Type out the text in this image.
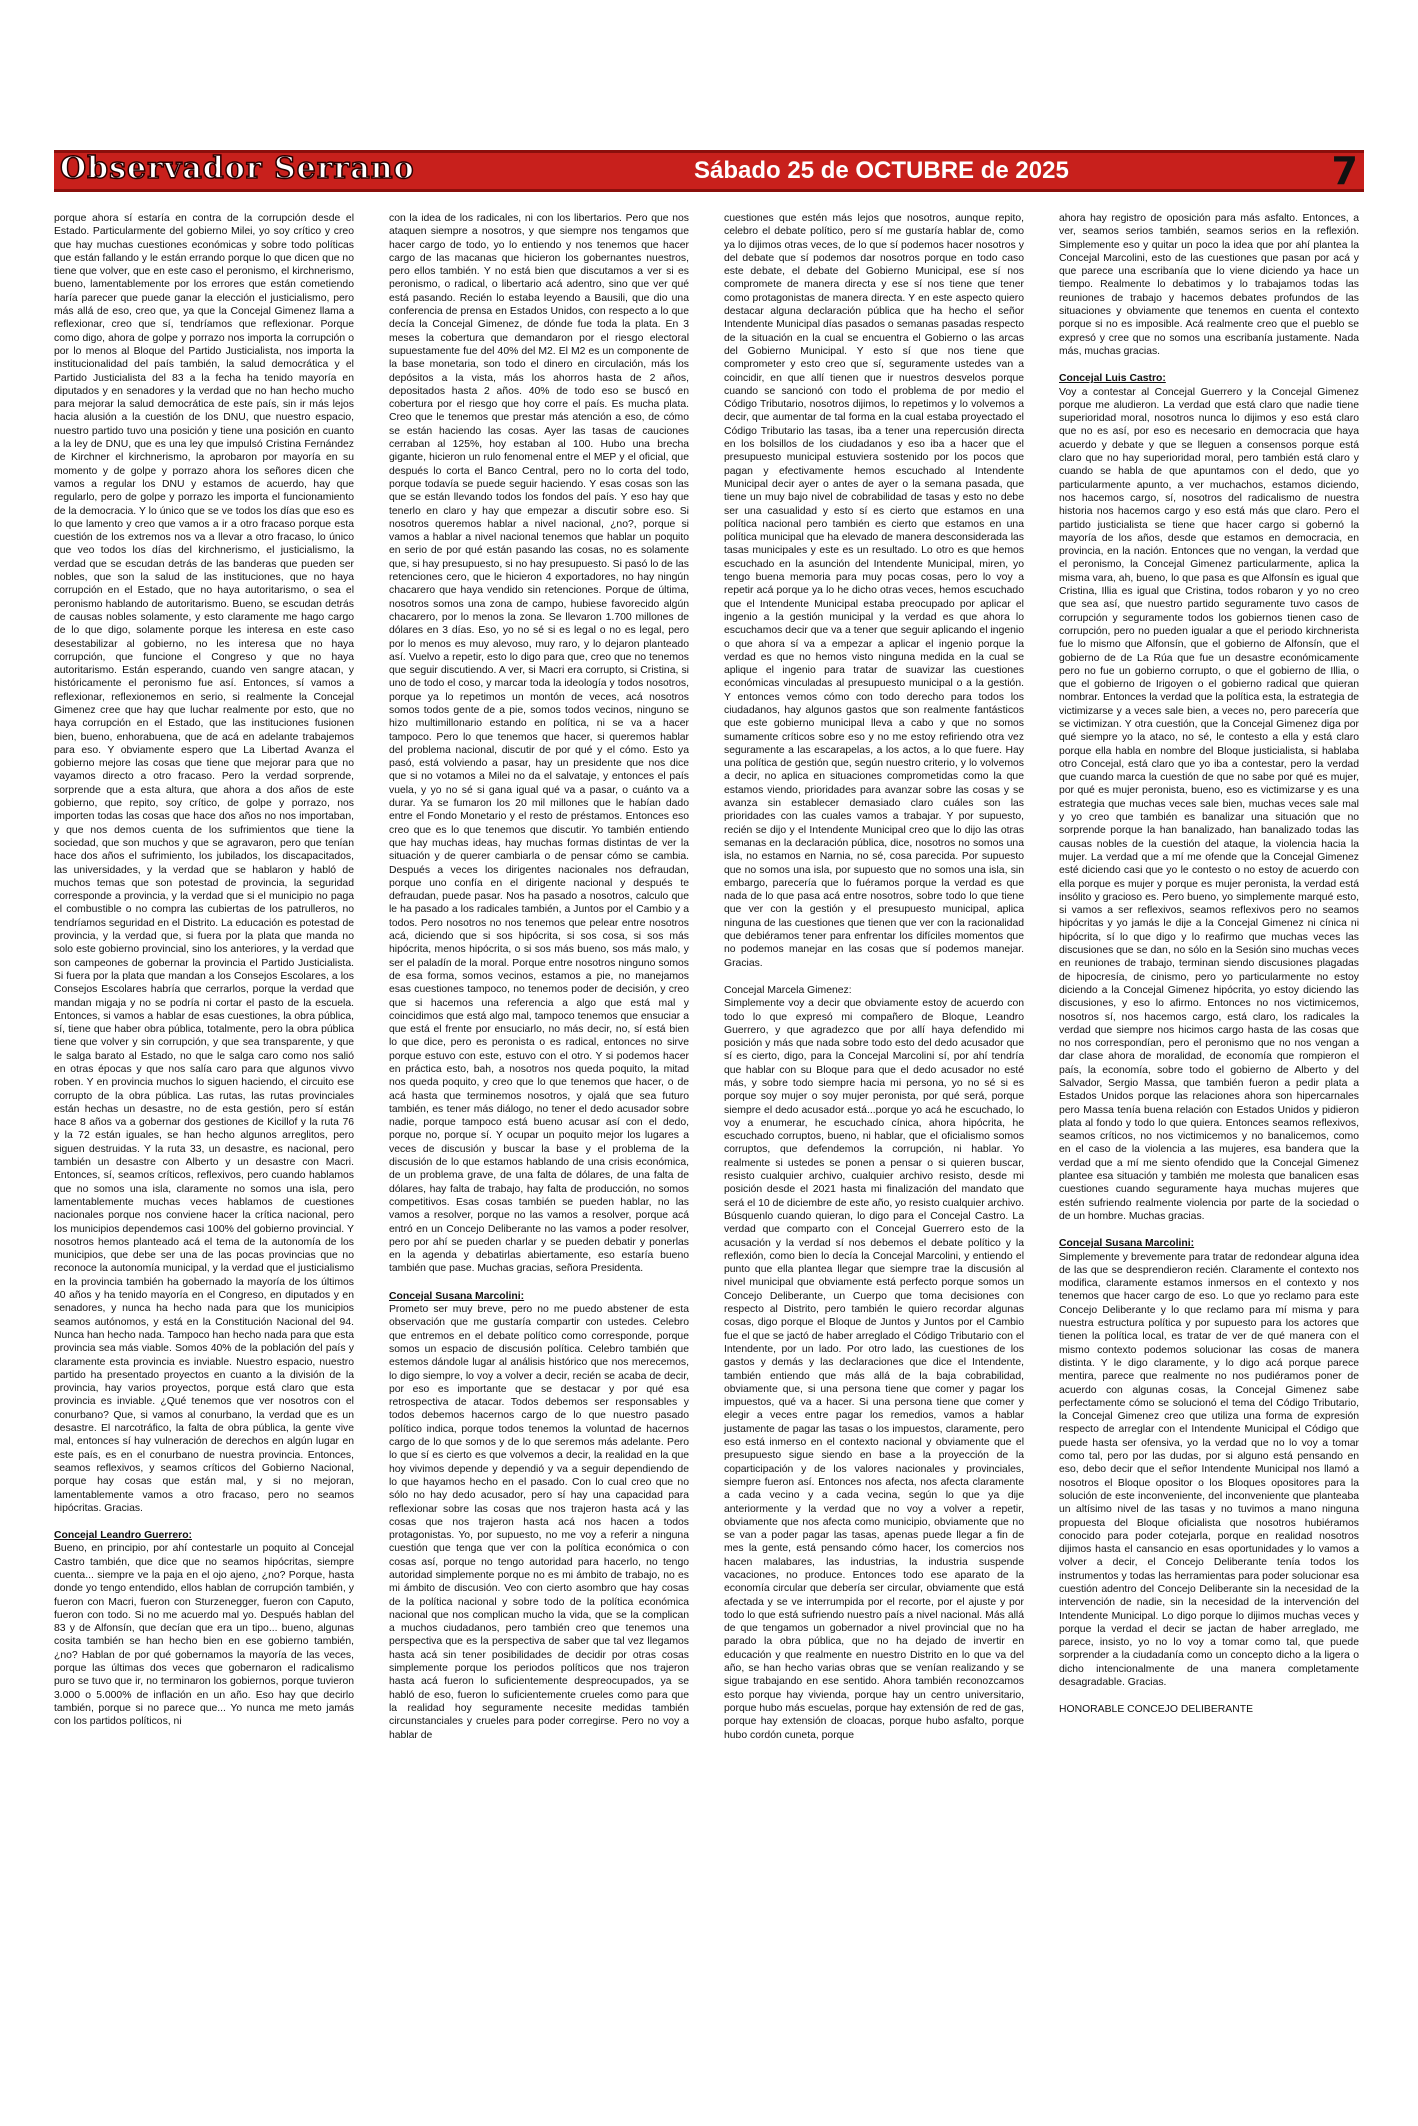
Observador Serrano	Sábado 25 de OCTUBRE de 2025	7

porque ahora sí estaría en contra de la corrupción desde el Estado. Particularmente del gobierno Milei, yo soy crítico y creo que hay muchas cuestiones económicas y sobre todo políticas que están fallando y le están errando porque lo que dicen que no tiene que volver, que en este caso el peronismo, el kirchnerismo, bueno, lamentablemente por los errores que están cometiendo haría parecer que puede ganar la elección el justicialismo, pero más allá de eso, creo que, ya que la Concejal Gimenez llama a reflexionar, creo que sí, tendríamos que reflexionar. Porque como digo, ahora de golpe y porrazo nos importa la corrupción o por lo menos al Bloque del Partido Justicialista, nos importa la institucionalidad del país también, la salud democrática y el Partido Justicialista del 83 a la fecha ha tenido mayoría en diputados y en senadores y la verdad que no han hecho mucho para mejorar la salud democrática de este país, sin ir más lejos hacia alusión a la cuestión de los DNU, que nuestro espacio, nuestro partido tuvo una posición y tiene una posición en cuanto a la ley de DNU, que es una ley que impulsó Cristina Fernández de Kirchner el kirchnerismo, la aprobaron por mayoría en su momento y de golpe y porrazo ahora los señores dicen che vamos a regular los DNU y estamos de acuerdo, hay que regularlo, pero de golpe y porrazo les importa el funcionamiento de la democracia. Y lo único que se ve todos los días que eso es lo que lamento y creo que vamos a ir a otro fracaso porque esta cuestión de los extremos nos va a llevar a otro fracaso, lo único que veo todos los días del kirchnerismo, el justicialismo, la verdad que se escudan detrás de las banderas que pueden ser nobles, que son la salud de las instituciones, que no haya corrupción en el Estado, que no haya autoritarismo, o sea el peronismo hablando de autoritarismo. Bueno, se escudan detrás de causas nobles solamente, y esto claramente me hago cargo de lo que digo, solamente porque les interesa en este caso desestabilizar al gobierno, no les interesa que no haya corrupción, que funcione el Congreso y que no haya autoritarismo. Están esperando, cuando ven sangre atacan, y históricamente el peronismo fue así. Entonces, sí vamos a reflexionar, reflexionemos en serio, si realmente la Concejal Gimenez cree que hay que luchar realmente por esto, que no haya corrupción en el Estado, que las instituciones fusionen bien, bueno, enhorabuena, que de acá en adelante trabajemos para eso. Y obviamente espero que La Libertad Avanza el gobierno mejore las cosas que tiene que mejorar para que no vayamos directo a otro fracaso. Pero la verdad sorprende, sorprende que a esta altura, que ahora a dos años de este gobierno, que repito, soy crítico, de golpe y porrazo, nos importen todas las cosas que hace dos años no nos importaban, y que nos demos cuenta de los sufrimientos que tiene la sociedad, que son muchos y que se agravaron, pero que tenían hace dos años el sufrimiento, los jubilados, los discapacitados, las universidades, y la verdad que se hablaron y habló de muchos temas que son potestad de provincia, la seguridad corresponde a provincia, y la verdad que si el municipio no paga el combustible o no compra las cubiertas de los patrulleros, no tendríamos seguridad en el Distrito. La educación es potestad de provincia, y la verdad que, si fuera por la plata que manda no solo este gobierno provincial, sino los anteriores, y la verdad que son campeones de gobernar la provincia el Partido Justicialista. Si fuera por la plata que mandan a los Consejos Escolares, a los Consejos Escolares habría que cerrarlos, porque la verdad que mandan migaja y no se podría ni cortar el pasto de la escuela. Entonces, si vamos a hablar de esas cuestiones, la obra pública, sí, tiene que haber obra pública, totalmente, pero la obra pública tiene que volver y sin corrupción, y que sea transparente, y que le salga barato al Estado, no que le salga caro como nos salió en otras épocas y que nos salía caro para que algunos vivvo roben. Y en provincia muchos lo siguen haciendo, el circuito ese corrupto de la obra pública. Las rutas, las rutas provinciales están hechas un desastre, no de esta gestión, pero sí están hace 8 años va a gobernar dos gestiones de Kicillof y la ruta 76 y la 72 están iguales, se han hecho algunos arreglitos, pero siguen destruidas. Y la ruta 33, un desastre, es nacional, pero también un desastre con Alberto y un desastre con Macri. Entonces, sí, seamos críticos, reflexivos, pero cuando hablamos que no somos una isla, claramente no somos una isla, pero lamentablemente muchas veces hablamos de cuestiones nacionales porque nos conviene hacer la crítica nacional, pero los municipios dependemos casi 100% del gobierno provincial. Y nosotros hemos planteado acá el tema de la autonomía de los municipios, que debe ser una de las pocas provincias que no reconoce la autonomía municipal, y la verdad que el justicialismo en la provincia también ha gobernado la mayoría de los últimos 40 años y ha tenido mayoría en el Congreso, en diputados y en senadores, y nunca ha hecho nada para que los municipios seamos autónomos, y está en la Constitución Nacional del 94. Nunca han hecho nada. Tampoco han hecho nada para que esta provincia sea más viable. Somos 40% de la población del país y claramente esta provincia es inviable. Nuestro espacio, nuestro partido ha presentado proyectos en cuanto a la división de la provincia, hay varios proyectos, porque está claro que esta provincia es inviable. ¿Qué tenemos que ver nosotros con el conurbano? Que, si vamos al conurbano, la verdad que es un desastre. El narcotráfico, la falta de obra pública, la gente vive mal, entonces sí hay vulneración de derechos en algún lugar en este país, es en el conurbano de nuestra provincia. Entonces, seamos reflexivos, y seamos críticos del Gobierno Nacional, porque hay cosas que están mal, y si no mejoran, lamentablemente vamos a otro fracaso, pero no seamos hipócritas. Gracias.

Concejal Leandro Guerrero:

Bueno, en principio, por ahí contestarle un poquito al Concejal Castro también, que dice que no seamos hipócritas, siempre cuenta... siempre ve la paja en el ojo ajeno, ¿no? Porque, hasta donde yo tengo entendido, ellos hablan de corrupción también, y fueron con Macri, fueron con Sturzenegger, fueron con Caputo, fueron con todo. Si no me acuerdo mal yo. Después hablan del 83 y de Alfonsín, que decían que era un tipo... bueno, algunas cosita también se han hecho bien en ese gobierno también, ¿no? Hablan de por qué gobernamos la mayoría de las veces, porque las últimas dos veces que gobernaron el radicalismo puro se tuvo que ir, no terminaron los gobiernos, porque tuvieron 3.000 o 5.000% de inflación en un año. Eso hay que decirlo también, porque si no parece que... Yo nunca me meto jamás con los partidos políticos, ni

con la idea de los radicales, ni con los libertarios. Pero que nos ataquen siempre a nosotros, y que siempre nos tengamos que hacer cargo de todo, yo lo entiendo y nos tenemos que hacer cargo de las macanas que hicieron los gobernantes nuestros, pero ellos también. Y no está bien que discutamos a ver si es peronismo, o radical, o libertario acá adentro, sino que ver qué está pasando. Recién lo estaba leyendo a Bausili, que dio una conferencia de prensa en Estados Unidos, con respecto a lo que decía la Concejal Gimenez, de dónde fue toda la plata. En 3 meses la cobertura que demandaron por el riesgo electoral supuestamente fue del 40% del M2. El M2 es un componente de la base monetaria, son todo el dinero en circulación, más los depósitos a la vista, más los ahorros hasta de 2 años, depositados hasta 2 años. 40% de todo eso se buscó en cobertura por el riesgo que hoy corre el país. Es mucha plata. Creo que le tenemos que prestar más atención a eso, de cómo se están haciendo las cosas. Ayer las tasas de cauciones cerraban al 125%, hoy estaban al 100. Hubo una brecha gigante, hicieron un rulo fenomenal entre el MEP y el oficial, que después lo corta el Banco Central, pero no lo corta del todo, porque todavía se puede seguir haciendo. Y esas cosas son las que se están llevando todos los fondos del país. Y eso hay que tenerlo en claro y hay que empezar a discutir sobre eso. Si nosotros queremos hablar a nivel nacional, ¿no?, porque si vamos a hablar a nivel nacional tenemos que hablar un poquito en serio de por qué están pasando las cosas, no es solamente que, si hay presupuesto, si no hay presupuesto. Si pasó lo de las retenciones cero, que le hicieron 4 exportadores, no hay ningún chacarero que haya vendido sin retenciones. Porque de última, nosotros somos una zona de campo, hubiese favorecido algún chacarero, por lo menos la zona. Se llevaron 1.700 millones de dólares en 3 días. Eso, yo no sé si es legal o no es legal, pero por lo menos es muy alevoso, muy raro, y lo dejaron planteado así. Vuelvo a repetir, esto lo digo para que, creo que no tenemos que seguir discutiendo. A ver, si Macri era corrupto, si Cristina, si uno de todo el coso, y marcar toda la ideología y todos nosotros, porque ya lo repetimos un montón de veces, acá nosotros somos todos gente de a pie, somos todos vecinos, ninguno se hizo multimillonario estando en política, ni se va a hacer tampoco. Pero lo que tenemos que hacer, si queremos hablar del problema nacional, discutir de por qué y el cómo. Esto ya pasó, está volviendo a pasar, hay un presidente que nos dice que si no votamos a Milei no da el salvataje, y entonces el país vuela, y yo no sé si gana igual qué va a pasar, o cuánto va a durar. Ya se fumaron los 20 mil millones que le habían dado entre el Fondo Monetario y el resto de préstamos. Entonces eso creo que es lo que tenemos que discutir. Yo también entiendo que hay muchas ideas, hay muchas formas distintas de ver la situación y de querer cambiarla o de pensar cómo se cambia. Después a veces los dirigentes nacionales nos defraudan, porque uno confía en el dirigente nacional y después te defraudan, puede pasar. Nos ha pasado a nosotros, calculo que le ha pasado a los radicales también, a Juntos por el Cambio y a todos. Pero nosotros no nos tenemos que pelear entre nosotros acá, diciendo que si sos hipócrita, si sos cosa, si sos más hipócrita, menos hipócrita, o si sos más bueno, sos más malo, y ser el paladín de la moral. Porque entre nosotros ninguno somos de esa forma, somos vecinos, estamos a pie, no manejamos esas cuestiones tampoco, no tenemos poder de decisión, y creo que si hacemos una referencia a algo que está mal y coincidimos que está algo mal, tampoco tenemos que ensuciar a que está el frente por ensuciarlo, no más decir, no, sí está bien lo que dice, pero es peronista o es radical, entonces no sirve porque estuvo con este, estuvo con el otro. Y si podemos hacer en práctica esto, bah, a nosotros nos queda poquito, la mitad nos queda poquito, y creo que lo que tenemos que hacer, o de acá hasta que terminemos nosotros, y ojalá que sea futuro también, es tener más diálogo, no tener el dedo acusador sobre nadie, porque tampoco está bueno acusar así con el dedo, porque no, porque sí. Y ocupar un poquito mejor los lugares a veces de discusión y buscar la base y el problema de la discusión de lo que estamos hablando de una crisis económica, de un problema grave, de una falta de dólares, de una falta de dólares, hay falta de trabajo, hay falta de producción, no somos competitivos. Esas cosas también se pueden hablar, no las vamos a resolver, porque no las vamos a resolver, porque acá entró en un Concejo Deliberante no las vamos a poder resolver, pero por ahí se pueden charlar y se pueden debatir y ponerlas en la agenda y debatirlas abiertamente, eso estaría bueno también que pase. Muchas gracias, señora Presidenta.

Concejal Susana Marcolini:

Prometo ser muy breve, pero no me puedo abstener de esta observación que me gustaría compartir con ustedes. Celebro que entremos en el debate político como corresponde, porque somos un espacio de discusión política. Celebro también que estemos dándole lugar al análisis histórico que nos merecemos, lo digo siempre, lo voy a volver a decir, recién se acaba de decir, por eso es importante que se destacar y por qué esa retrospectiva de atacar. Todos debemos ser responsables y todos debemos hacernos cargo de lo que nuestro pasado político indica, porque todos tenemos la voluntad de hacernos cargo de lo que somos y de lo que seremos más adelante. Pero lo que sí es cierto es que volvemos a decir, la realidad en la que hoy vivimos depende y dependió y va a seguir dependiendo de lo que hayamos hecho en el pasado. Con lo cual creo que no sólo no hay dedo acusador, pero sí hay una capacidad para reflexionar sobre las cosas que nos trajeron hasta acá y las cosas que nos trajeron hasta acá nos hacen a todos protagonistas. Yo, por supuesto, no me voy a referir a ninguna cuestión que tenga que ver con la política económica o con cosas así, porque no tengo autoridad para hacerlo, no tengo autoridad simplemente porque no es mi ámbito de trabajo, no es mi ámbito de discusión. Veo con cierto asombro que hay cosas de la política nacional y sobre todo de la política económica nacional que nos complican mucho la vida, que se la complican a muchos ciudadanos, pero también creo que tenemos una perspectiva que es la perspectiva de saber que tal vez llegamos hasta acá sin tener posibilidades de decidir por otras cosas simplemente porque los periodos políticos que nos trajeron hasta acá fueron lo suficientemente despreocupados, ya se habló de eso, fueron lo suficientemente crueles como para que la realidad hoy seguramente necesite medidas también circunstanciales y crueles para poder corregirse. Pero no voy a hablar de

cuestiones que estén más lejos que nosotros, aunque repito, celebro el debate político, pero sí me gustaría hablar de, como ya lo dijimos otras veces, de lo que sí podemos hacer nosotros y del debate que sí podemos dar nosotros porque en todo caso este debate, el debate del Gobierno Municipal, ese sí nos compromete de manera directa y ese sí nos tiene que tener como protagonistas de manera directa. Y en este aspecto quiero destacar alguna declaración pública que ha hecho el señor Intendente Municipal días pasados o semanas pasadas respecto de la situación en la cual se encuentra el Gobierno o las arcas del Gobierno Municipal. Y esto sí que nos tiene que comprometer y esto creo que sí, seguramente ustedes van a coincidir, en que allí tienen que ir nuestros desvelos porque cuando se sancionó con todo el problema de por medio el Código Tributario, nosotros dijimos, lo repetimos y lo volvemos a decir, que aumentar de tal forma en la cual estaba proyectado el Código Tributario las tasas, iba a tener una repercusión directa en los bolsillos de los ciudadanos y eso iba a hacer que el presupuesto municipal estuviera sostenido por los pocos que pagan y efectivamente hemos escuchado al Intendente Municipal decir ayer o antes de ayer o la semana pasada, que tiene un muy bajo nivel de cobrabilidad de tasas y esto no debe ser una casualidad y esto sí es cierto que estamos en una política nacional pero también es cierto que estamos en una política municipal que ha elevado de manera desconsiderada las tasas municipales y este es un resultado. Lo otro es que hemos escuchado en la asunción del Intendente Municipal, miren, yo tengo buena memoria para muy pocas cosas, pero lo voy a repetir acá porque ya lo he dicho otras veces, hemos escuchado que el Intendente Municipal estaba preocupado por aplicar el ingenio a la gestión municipal y la verdad es que ahora lo escuchamos decir que va a tener que seguir aplicando el ingenio o que ahora sí va a empezar a aplicar el ingenio porque la verdad es que no hemos visto ninguna medida en la cual se aplique el ingenio para tratar de suavizar las cuestiones económicas vinculadas al presupuesto municipal o a la gestión. Y entonces vemos cómo con todo derecho para todos los ciudadanos, hay algunos gastos que son realmente fantásticos que este gobierno municipal lleva a cabo y que no somos sumamente críticos sobre eso y no me estoy refiriendo otra vez seguramente a las escarapelas, a los actos, a lo que fuere. Hay una política de gestión que, según nuestro criterio, y lo volvemos a decir, no aplica en situaciones comprometidas como la que estamos viendo, prioridades para avanzar sobre las cosas y se avanza sin establecer demasiado claro cuáles son las prioridades con las cuales vamos a trabajar. Y por supuesto, recién se dijo y el Intendente Municipal creo que lo dijo las otras semanas en la declaración pública, dice, nosotros no somos una isla, no estamos en Narnia, no sé, cosa parecida. Por supuesto que no somos una isla, por supuesto que no somos una isla, sin embargo, parecería que lo fuéramos porque la verdad es que nada de lo que pasa acá entre nosotros, sobre todo lo que tiene que ver con la gestión y el presupuesto municipal, aplica ninguna de las cuestiones que tienen que ver con la racionalidad que debiéramos tener para enfrentar los difíciles momentos que no podemos manejar en las cosas que sí podemos manejar. Gracias.

Concejal Marcela Gimenez:

Simplemente voy a decir que obviamente estoy de acuerdo con todo lo que expresó mi compañero de Bloque, Leandro Guerrero, y que agradezco que por allí haya defendido mi posición y más que nada sobre todo esto del dedo acusador que sí es cierto, digo, para la Concejal Marcolini sí, por ahí tendría que hablar con su Bloque para que el dedo acusador no esté más, y sobre todo siempre hacia mi persona, yo no sé si es porque soy mujer o soy mujer peronista, por qué será, porque siempre el dedo acusador está...porque yo acá he escuchado, lo voy a enumerar, he escuchado cínica, ahora hipócrita, he escuchado corruptos, bueno, ni hablar, que el oficialismo somos corruptos, que defendemos la corrupción, ni hablar. Yo realmente si ustedes se ponen a pensar o si quieren buscar, resisto cualquier archivo, cualquier archivo resisto, desde mi posición desde el 2021 hasta mi finalización del mandato que será el 10 de diciembre de este año, yo resisto cualquier archivo. Búsquenlo cuando quieran, lo digo para el Concejal Castro. La verdad que comparto con el Concejal Guerrero esto de la acusación y la verdad sí nos debemos el debate político y la reflexión, como bien lo decía la Concejal Marcolini, y entiendo el punto que ella plantea llegar que siempre trae la discusión al nivel municipal que obviamente está perfecto porque somos un Concejo Deliberante, un Cuerpo que toma decisiones con respecto al Distrito, pero también le quiero recordar algunas cosas, digo porque el Bloque de Juntos y Juntos por el Cambio fue el que se jactó de haber arreglado el Código Tributario con el Intendente, por un lado. Por otro lado, las cuestiones de los gastos y demás y las declaraciones que dice el Intendente, también entiendo que más allá de la baja cobrabilidad, obviamente que, si una persona tiene que comer y pagar los impuestos, qué va a hacer. Si una persona tiene que comer y elegir a veces entre pagar los remedios, vamos a hablar justamente de pagar las tasas o los impuestos, claramente, pero eso está inmerso en el contexto nacional y obviamente que el presupuesto sigue siendo en base a la proyección de la coparticipación y de los valores nacionales y provinciales, siempre fueron así. Entonces nos afecta, nos afecta claramente a cada vecino y a cada vecina, según lo que ya dije anteriormente y la verdad que no voy a volver a repetir, obviamente que nos afecta como municipio, obviamente que no se van a poder pagar las tasas, apenas puede llegar a fin de mes la gente, está pensando cómo hacer, los comercios nos hacen malabares, las industrias, la industria suspende vacaciones, no produce. Entonces todo ese aparato de la economía circular que debería ser circular, obviamente que está afectada y se ve interrumpida por el recorte, por el ajuste y por todo lo que está sufriendo nuestro país a nivel nacional. Más allá de que tengamos un gobernador a nivel provincial que no ha parado la obra pública, que no ha dejado de invertir en educación y que realmente en nuestro Distrito en lo que va del año, se han hecho varias obras que se venían realizando y se sigue trabajando en ese sentido. Ahora también reconozcamos esto porque hay vivienda, porque hay un centro universitario, porque hubo más escuelas, porque hay extensión de red de gas, porque hay extensión de cloacas, porque hubo asfalto, porque hubo cordón cuneta, porque

ahora hay registro de oposición para más asfalto. Entonces, a ver, seamos serios también, seamos serios en la reflexión. Simplemente eso y quitar un poco la idea que por ahí plantea la Concejal Marcolini, esto de las cuestiones que pasan por acá y que parece una escribanía que lo viene diciendo ya hace un tiempo. Realmente lo debatimos y lo trabajamos todas las reuniones de trabajo y hacemos debates profundos de las situaciones y obviamente que tenemos en cuenta el contexto porque si no es imposible. Acá realmente creo que el pueblo se expresó y cree que no somos una escribanía justamente. Nada más, muchas gracias.

Concejal Luis Castro:

Voy a contestar al Concejal Guerrero y la Concejal Gimenez porque me aludieron. La verdad que está claro que nadie tiene superioridad moral, nosotros nunca lo dijimos y eso está claro que no es así, por eso es necesario en democracia que haya acuerdo y debate y que se lleguen a consensos porque está claro que no hay superioridad moral, pero también está claro y cuando se habla de que apuntamos con el dedo, que yo particularmente apunto, a ver muchachos, estamos diciendo, nos hacemos cargo, sí, nosotros del radicalismo de nuestra historia nos hacemos cargo y eso está más que claro. Pero el partido justicialista se tiene que hacer cargo si gobernó la mayoría de los años, desde que estamos en democracia, en provincia, en la nación. Entonces que no vengan, la verdad que el peronismo, la Concejal Gimenez particularmente, aplica la misma vara, ah, bueno, lo que pasa es que Alfonsín es igual que Cristina, Illia es igual que Cristina, todos robaron y yo no creo que sea así, que nuestro partido seguramente tuvo casos de corrupción y seguramente todos los gobiernos tienen caso de corrupción, pero no pueden igualar a que el periodo kirchnerista fue lo mismo que Alfonsín, que el gobierno de Alfonsín, que el gobierno de de La Rúa que fue un desastre económicamente pero no fue un gobierno corrupto, o que el gobierno de Illia, o que el gobierno de Irigoyen o el gobierno radical que quieran nombrar. Entonces la verdad que la política esta, la estrategia de victimizarse y a veces sale bien, a veces no, pero parecería que se victimizan. Y otra cuestión, que la Concejal Gimenez diga por qué siempre yo la ataco, no sé, le contesto a ella y está claro porque ella habla en nombre del Bloque justicialista, si hablaba otro Concejal, está claro que yo iba a contestar, pero la verdad que cuando marca la cuestión de que no sabe por qué es mujer, por qué es mujer peronista, bueno, eso es victimizarse y es una estrategia que muchas veces sale bien, muchas veces sale mal y yo creo que también es banalizar una situación que no sorprende porque la han banalizado, han banalizado todas las causas nobles de la cuestión del ataque, la violencia hacia la mujer. La verdad que a mí me ofende que la Concejal Gimenez esté diciendo casi que yo le contesto o no estoy de acuerdo con ella porque es mujer y porque es mujer peronista, la verdad está insólito y gracioso es. Pero bueno, yo simplemente marqué esto, si vamos a ser reflexivos, seamos reflexivos pero no seamos hipócritas y yo jamás le dije a la Concejal Gimenez ni cínica ni hipócrita, sí lo que digo y lo reafirmo que muchas veces las discusiones que se dan, no sólo en la Sesión sino muchas veces en reuniones de trabajo, terminan siendo discusiones plagadas de hipocresía, de cinismo, pero yo particularmente no estoy diciendo a la Concejal Gimenez hipócrita, yo estoy diciendo las discusiones, y eso lo afirmo. Entonces no nos victimicemos, nosotros sí, nos hacemos cargo, está claro, los radicales la verdad que siempre nos hicimos cargo hasta de las cosas que no nos correspondían, pero el peronismo que no nos vengan a dar clase ahora de moralidad, de economía que rompieron el país, la economía, sobre todo el gobierno de Alberto y del Salvador, Sergio Massa, que también fueron a pedir plata a Estados Unidos porque las relaciones ahora son hipercarnales pero Massa tenía buena relación con Estados Unidos y pidieron plata al fondo y todo lo que quiera. Entonces seamos reflexivos, seamos críticos, no nos victimicemos y no banalicemos, como en el caso de la violencia a las mujeres, esa bandera que la verdad que a mí me siento ofendido que la Concejal Gimenez plantee esa situación y también me molesta que banalicen esas cuestiones cuando seguramente haya muchas mujeres que estén sufriendo realmente violencia por parte de la sociedad o de un hombre. Muchas gracias.

Concejal Susana Marcolini:

Simplemente y brevemente para tratar de redondear alguna idea de las que se desprendieron recién. Claramente el contexto nos modifica, claramente estamos inmersos en el contexto y nos tenemos que hacer cargo de eso. Lo que yo reclamo para este Concejo Deliberante y lo que reclamo para mí misma y para nuestra estructura política y por supuesto para los actores que tienen la política local, es tratar de ver de qué manera con el mismo contexto podemos solucionar las cosas de manera distinta. Y le digo claramente, y lo digo acá porque parece mentira, parece que realmente no nos pudiéramos poner de acuerdo con algunas cosas, la Concejal Gimenez sabe perfectamente cómo se solucionó el tema del Código Tributario, la Concejal Gimenez creo que utiliza una forma de expresión respecto de arreglar con el Intendente Municipal el Código que puede hasta ser ofensiva, yo la verdad que no lo voy a tomar como tal, pero por las dudas, por si alguno está pensando en eso, debo decir que el señor Intendente Municipal nos llamó a nosotros el Bloque opositor o los Bloques opositores para la solución de este inconveniente, del inconveniente que planteaba un altísimo nivel de las tasas y no tuvimos a mano ninguna propuesta del Bloque oficialista que nosotros hubiéramos conocido para poder cotejarla, porque en realidad nosotros dijimos hasta el cansancio en esas oportunidades y lo vamos a volver a decir, el Concejo Deliberante tenía todos los instrumentos y todas las herramientas para poder solucionar esa cuestión adentro del Concejo Deliberante sin la necesidad de la intervención de nadie, sin la necesidad de la intervención del Intendente Municipal. Lo digo porque lo dijimos muchas veces y porque la verdad el decir se jactan de haber arreglado, me parece, insisto, yo no lo voy a tomar como tal, que puede sorprender a la ciudadanía como un concepto dicho a la ligera o dicho intencionalmente de una manera completamente desagradable. Gracias.

HONORABLE CONCEJO DELIBERANTE
